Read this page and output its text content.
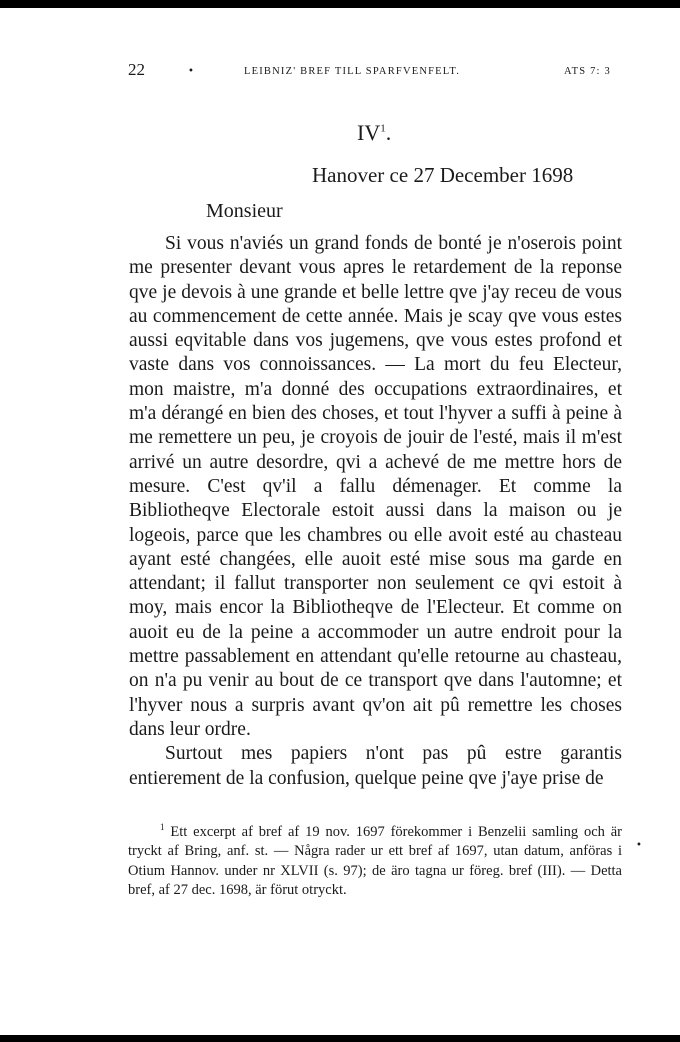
22	•	LEIBNIZ' BREF TILL SPARFVENFELT.	ATS 7: 3
$IV^1$.
Hanover ce 27 December 1698
Monsieur

Si vous n'aviés un grand fonds de bonté je n'oserois point me presenter devant vous apres le retardement de la reponse qve je devois à une grande et belle lettre qve j'ay receu de vous au commencement de cette année. Mais je scay qve vous estes aussi eqvitable dans vos jugemens, qve vous estes profond et vaste dans vos connoissances. — La mort du feu Electeur, mon maistre, m'a donné des occupations extraordinaires, et m'a dérangé en bien des choses, et tout l'hyver a suffi à peine à me remettere un peu, je croyois de jouir de l'esté, mais il m'est arrivé un autre desordre, qvi a achevé de me mettre hors de mesure. C'est qv'il a fallu démenager. Et comme la Bibliotheqve Electorale estoit aussi dans la maison ou je logeois, parce que les chambres ou elle avoit esté au chasteau ayant esté changées, elle auoit esté mise sous ma garde en attendant; il fallut transporter non seulement ce qvi estoit à moy, mais encor la Bibliotheqve de l'Electeur. Et comme on auoit eu de la peine a accommoder un autre endroit pour la mettre passablement en attendant qu'elle retourne au chasteau, on n'a pu venir au bout de ce transport qve dans l'automne; et l'hyver nous a surpris avant qv'on ait pû remettre les choses dans leur ordre.

Surtout mes papiers n'ont pas pû estre garantis entierement de la confusion, quelque peine qve j'aye prise de

$^1$ Ett excerpt af bref af 19 nov. 1697 förekommer i Benzelii samling och är tryckt af Bring, anf. st. — Några rader ur ett bref af 1697, utan datum, anföras i Otium Hannov. under nr XLVII (s. 97); de äro tagna ur föreg. bref (III). — Detta bref, af 27 dec. 1698, är förut otryckt.
•
